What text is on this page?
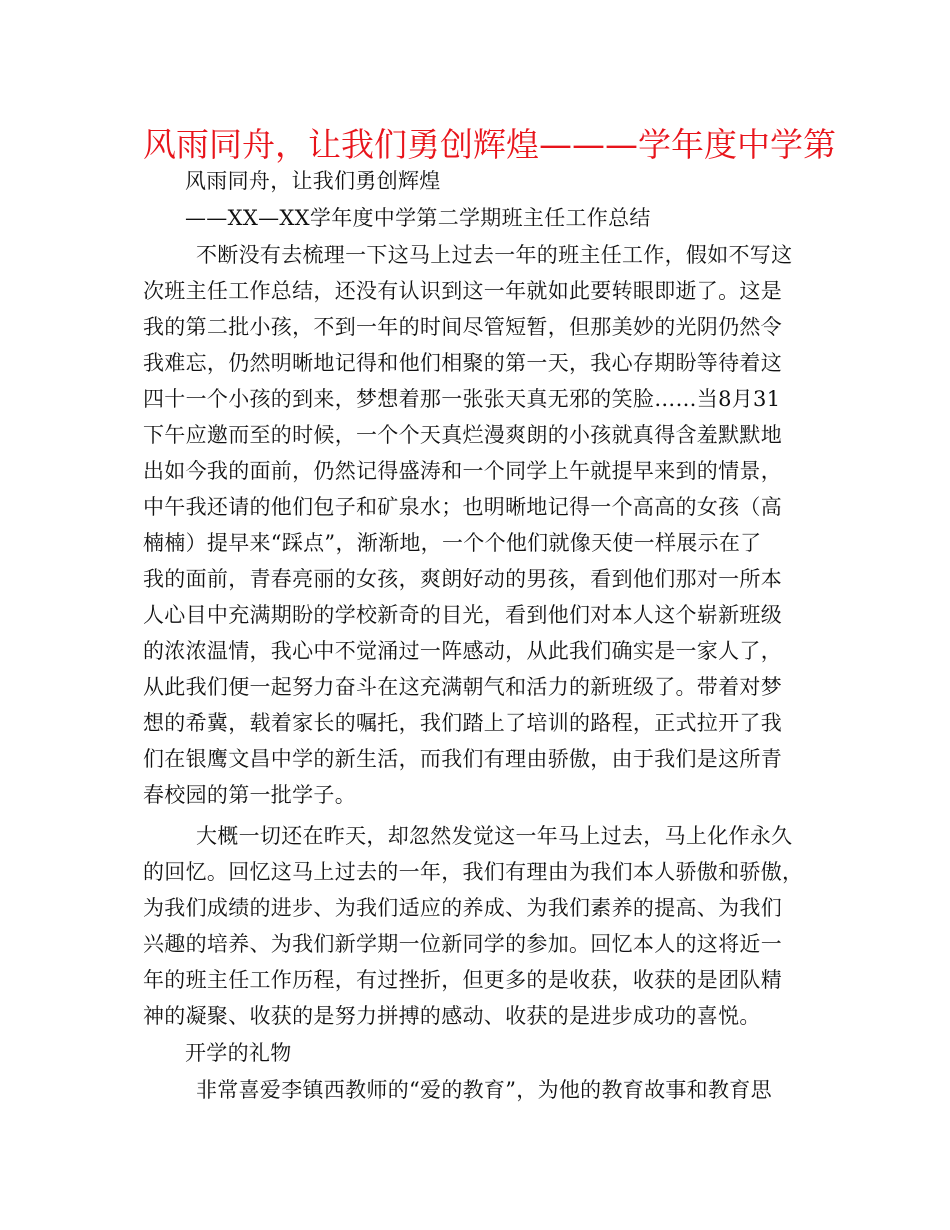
风雨同舟，让我们勇创辉煌———学年度中学第
风雨同舟，让我们勇创辉煌
——XX—XX学年度中学第二学期班主任工作总结
不断没有去梳理一下这马上过去一年的班主任工作，假如不写这
次班主任工作总结，还没有认识到这一年就如此要转眼即逝了。这是
我的第二批小孩，不到一年的时间尽管短暂，但那美妙的光阴仍然令
我难忘，仍然明晰地记得和他们相聚的第一天，我心存期盼等待着这
四十一个小孩的到来，梦想着那一张张天真无邪的笑脸……当8月31
下午应邀而至的时候，一个个天真烂漫爽朗的小孩就真得含羞默默地
出如今我的面前，仍然记得盛涛和一个同学上午就提早来到的情景，
中午我还请的他们包子和矿泉水；也明晰地记得一个高高的女孩（高
楠楠）提早来“踩点”，渐渐地，一个个他们就像天使一样展示在了
我的面前，青春亮丽的女孩，爽朗好动的男孩，看到他们那对一所本
人心目中充满期盼的学校新奇的目光，看到他们对本人这个崭新班级
的浓浓温情，我心中不觉涌过一阵感动，从此我们确实是一家人了，
从此我们便一起努力奋斗在这充满朝气和活力的新班级了。带着对梦
想的希冀，载着家长的嘱托，我们踏上了培训的路程，正式拉开了我
们在银鹰文昌中学的新生活，而我们有理由骄傲，由于我们是这所青
春校园的第一批学子。
大概一切还在昨天，却忽然发觉这一年马上过去，马上化作永久
的回忆。回忆这马上过去的一年，我们有理由为我们本人骄傲和骄傲，
为我们成绩的进步、为我们适应的养成、为我们素养的提高、为我们
兴趣的培养、为我们新学期一位新同学的参加。回忆本人的这将近一
年的班主任工作历程，有过挫折，但更多的是收获，收获的是团队精
神的凝聚、收获的是努力拼搏的感动、收获的是进步成功的喜悦。
开学的礼物
非常喜爱李镇西教师的“爱的教育”，为他的教育故事和教育思
